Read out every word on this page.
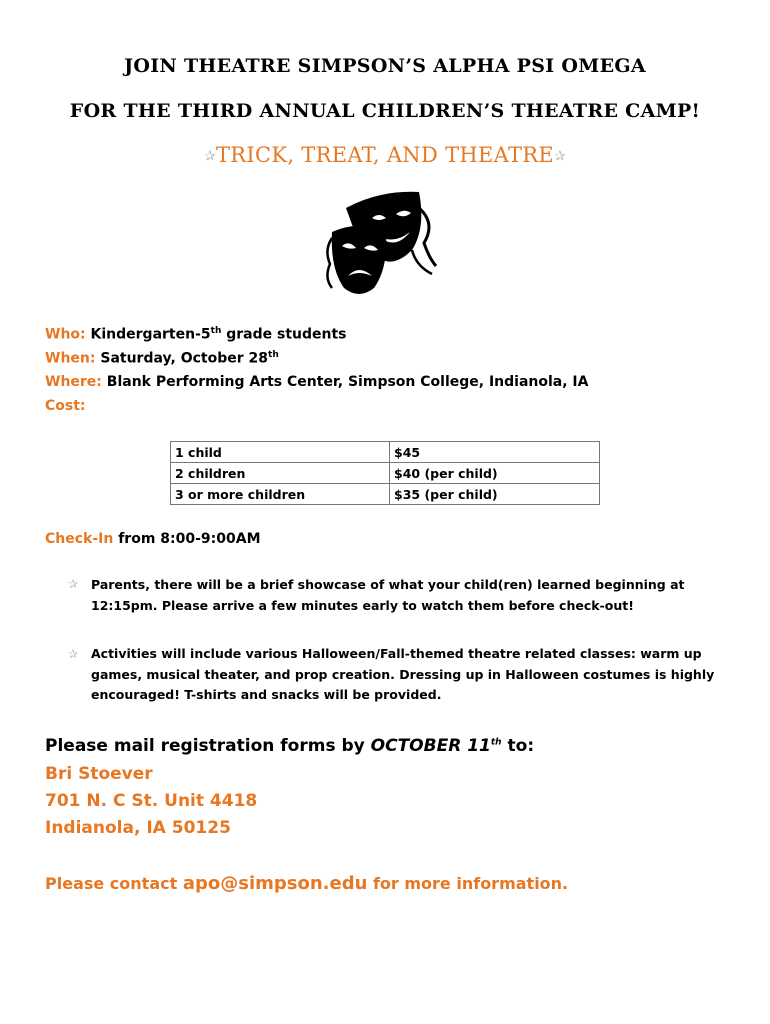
JOIN THEATRE SIMPSON’S ALPHA PSI OMEGA
FOR THE THIRD ANNUAL CHILDREN’S THEATRE CAMP!
✰TRICK, TREAT, AND THEATRE✰
Who: Kindergarten-5th grade students
When: Saturday, October 28th
Where: Blank Performing Arts Center, Simpson College, Indianola, IA
Cost:
1 child	$45
2 children	$40 (per child)
3 or more children	$35 (per child)
Check-In from 8:00-9:00AM
✰ Parents, there will be a brief showcase of what your child(ren) learned beginning at 12:15pm. Please arrive a few minutes early to watch them before check-out!
✰ Activities will include various Halloween/Fall-themed theatre related classes: warm up games, musical theater, and prop creation. Dressing up in Halloween costumes is highly encouraged! T-shirts and snacks will be provided.
Please mail registration forms by OCTOBER 11th to:
Bri Stoever
701 N. C St. Unit 4418
Indianola, IA 50125
Please contact apo@simpson.edu for more information.
